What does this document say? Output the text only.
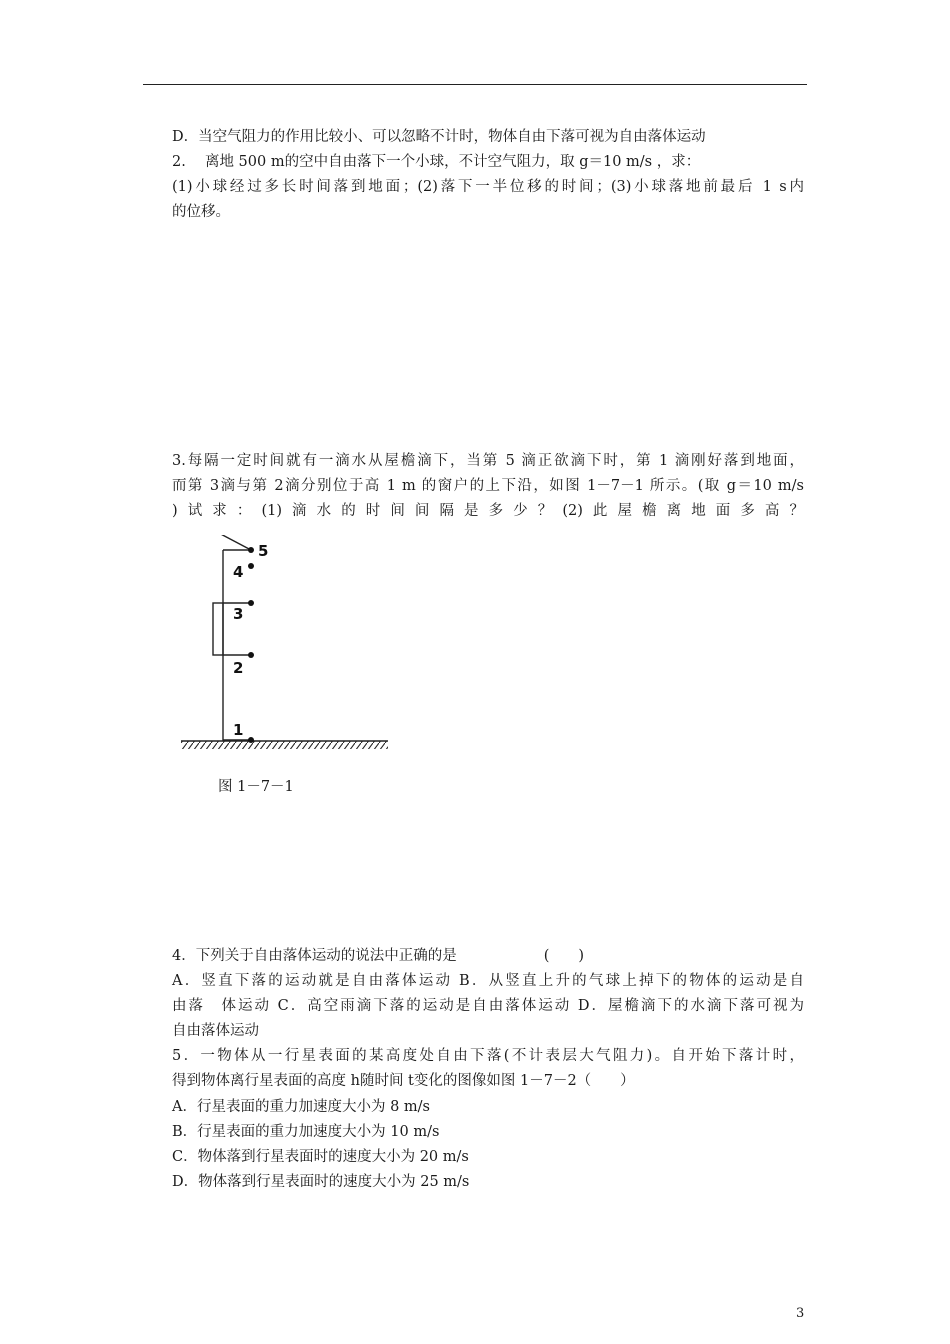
D．当空气阻力的作用比较小、可以忽略不计时，物体自由下落可视为自由落体运动
2.　 离地 500 m的空中自由落下一个小球，不计空气阻力，取 g＝10 m/s ，求：
(1)小球经过多长时间落到地面；(2)落下一半位移的时间；(3)小球落地前最后 1 s内
的位移。
3.每隔一定时间就有一滴水从屋檐滴下，当第 5 滴正欲滴下时，第 1 滴刚好落到地面，
而第 3滴与第 2滴分别位于高 1 m 的窗户的上下沿，如图 1－7－1 所示。(取 g＝10 m/s
)试求：(1)滴水的时间间隔是多少？(2)此屋檐离地面多高？
5
4
3
2
1
图 1－7－1
4．下列关于自由落体运动的说法中正确的是　　　　　　(　　)
A．竖直下落的运动就是自由落体运动 B．从竖直上升的气球上掉下的物体的运动是自
由落　体运动 C．高空雨滴下落的运动是自由落体运动 D．屋檐滴下的水滴下落可视为
自由落体运动
5．一物体从一行星表面的某高度处自由下落(不计表层大气阻力)。自开始下落计时，
得到物体离行星表面的高度 h随时间 t变化的图像如图 1－7－2（　　）
A．行星表面的重力加速度大小为 8 m/s
B．行星表面的重力加速度大小为 10 m/s
C．物体落到行星表面时的速度大小为 20 m/s
D．物体落到行星表面时的速度大小为 25 m/s
3
